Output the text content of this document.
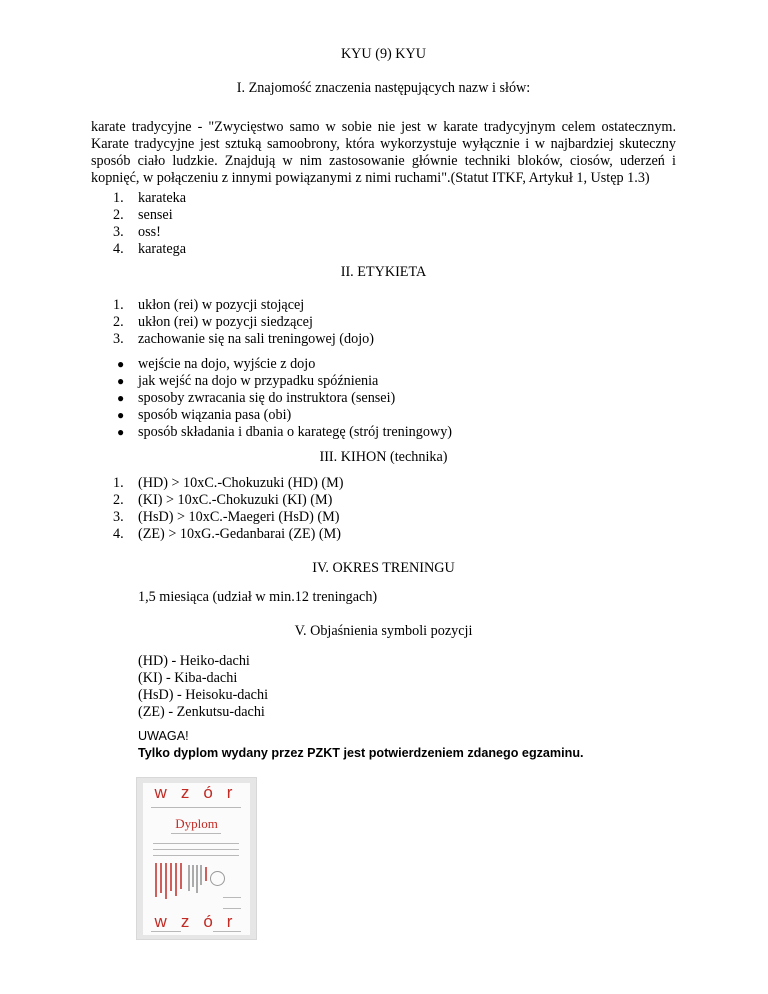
KYU (9) KYU
I. Znajomość znaczenia następujących nazw i słów:
karate tradycyjne - "Zwycięstwo samo w sobie nie jest w karate tradycyjnym celem ostatecznym. Karate tradycyjne jest sztuką samoobrony, która wykorzystuje wyłącznie i w najbardziej skuteczny sposób ciało ludzkie. Znajdują w nim zastosowanie głównie techniki bloków, ciosów, uderzeń i kopnięć, w połączeniu z innymi powiązanymi z nimi ruchami".(Statut ITKF, Artykuł 1, Ustęp 1.3)
1.	karateka
2.	sensei
3.	oss!
4.	karatega
II. ETYKIETA
1.	ukłon (rei) w pozycji stojącej
2.	ukłon (rei) w pozycji siedzącej
3.	zachowanie się na sali treningowej (dojo)
● wejście na dojo, wyjście z dojo
● jak wejść na dojo w przypadku spóźnienia
● sposoby zwracania się do instruktora (sensei)
● sposób wiązania pasa (obi)
● sposób składania i dbania o karategę (strój treningowy)
III. KIHON (technika)
1.	(HD) > 10xC.-Chokuzuki (HD) (M)
2.	(KI) > 10xC.-Chokuzuki (KI) (M)
3.	(HsD) > 10xC.-Maegeri (HsD) (M)
4.	(ZE) > 10xG.-Gedanbarai (ZE) (M)
IV. OKRES TRENINGU
1,5 miesiąca (udział w min.12 treningach)
V. Objaśnienia symboli pozycji
(HD) - Heiko-dachi
(KI) - Kiba-dachi
(HsD) - Heisoku-dachi
(ZE) - Zenkutsu-dachi
UWAGA!
Tylko dyplom wydany przez PZKT jest potwierdzeniem zdanego egzaminu.
wzór
Dyplom
wzór
